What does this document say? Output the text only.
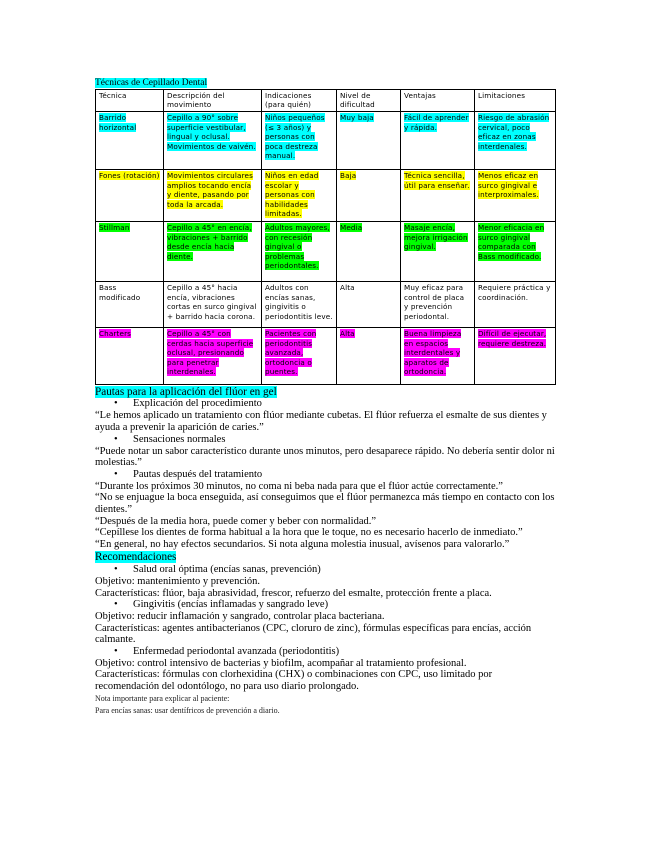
Técnicas de Cepillado Dental
Técnica	Descripción del movimiento	Indicaciones (para quién)	Nivel de dificultad	Ventajas	Limitaciones
Barrido horizontal	Cepillo a 90° sobre superficie vestibular, lingual y oclusal. Movimientos de vaivén.	Niños pequeños (≤ 3 años) y personas con poca destreza manual.	Muy baja	Fácil de aprender y rápida.	Riesgo de abrasión cervical, poco eficaz en zonas interdenales.
Fones (rotación)	Movimientos circulares amplios tocando encía y diente, pasando por toda la arcada.	Niños en edad escolar y personas con habilidades limitadas.	Baja	Técnica sencilla, útil para enseñar.	Menos eficaz en surco gingival e interproximales.
Stillman	Cepillo a 45° en encía, vibraciones + barrido desde encía hacia diente.	Adultos mayores, con recesión gingival o problemas periodontales.	Media	Masaje encía, mejora irrigación gingival.	Menor eficacia en surco gingival comparada con Bass modificado.
Bass modificado	Cepillo a 45° hacia encía, vibraciones cortas en surco gingival + barrido hacia corona.	Adultos con encías sanas, gingivitis o periodontitis leve.	Alta	Muy eficaz para control de placa y prevención periodontal.	Requiere práctica y coordinación.
Charters	Cepillo a 45° con cerdas hacia superficie oclusal, presionando para penetrar interdenales.	Pacientes con periodontitis avanzada, ortodoncia o puentes.	Alta	Buena limpieza en espacios interdentales y aparatos de ortodoncia.	Difícil de ejecutar, requiere destreza.
Pautas para la aplicación del flúor en gel
• Explicación del procedimiento
“Le hemos aplicado un tratamiento con flúor mediante cubetas. El flúor refuerza el esmalte de sus dientes y ayuda a prevenir la aparición de caries.”
• Sensaciones normales
“Puede notar un sabor característico durante unos minutos, pero desaparece rápido. No debería sentir dolor ni molestias.”
• Pautas después del tratamiento
“Durante los próximos 30 minutos, no coma ni beba nada para que el flúor actúe correctamente.”
“No se enjuague la boca enseguida, así conseguimos que el flúor permanezca más tiempo en contacto con los dientes.”
“Después de la media hora, puede comer y beber con normalidad.”
“Cepíllese los dientes de forma habitual a la hora que le toque, no es necesario hacerlo de inmediato.”
“En general, no hay efectos secundarios. Si nota alguna molestia inusual, avísenos para valorarlo.”
Recomendaciones
• Salud oral óptima (encías sanas, prevención)
Objetivo: mantenimiento y prevención.
Características: flúor, baja abrasividad, frescor, refuerzo del esmalte, protección frente a placa.
• Gingivitis (encías inflamadas y sangrado leve)
Objetivo: reducir inflamación y sangrado, controlar placa bacteriana.
Características: agentes antibacterianos (CPC, cloruro de zinc), fórmulas específicas para encías, acción calmante.
• Enfermedad periodontal avanzada (periodontitis)
Objetivo: control intensivo de bacterias y biofilm, acompañar al tratamiento profesional.
Características: fórmulas con clorhexidina (CHX) o combinaciones con CPC, uso limitado por recomendación del odontólogo, no para uso diario prolongado.
Nota importante para explicar al paciente:
Para encías sanas: usar dentífricos de prevención a diario.
